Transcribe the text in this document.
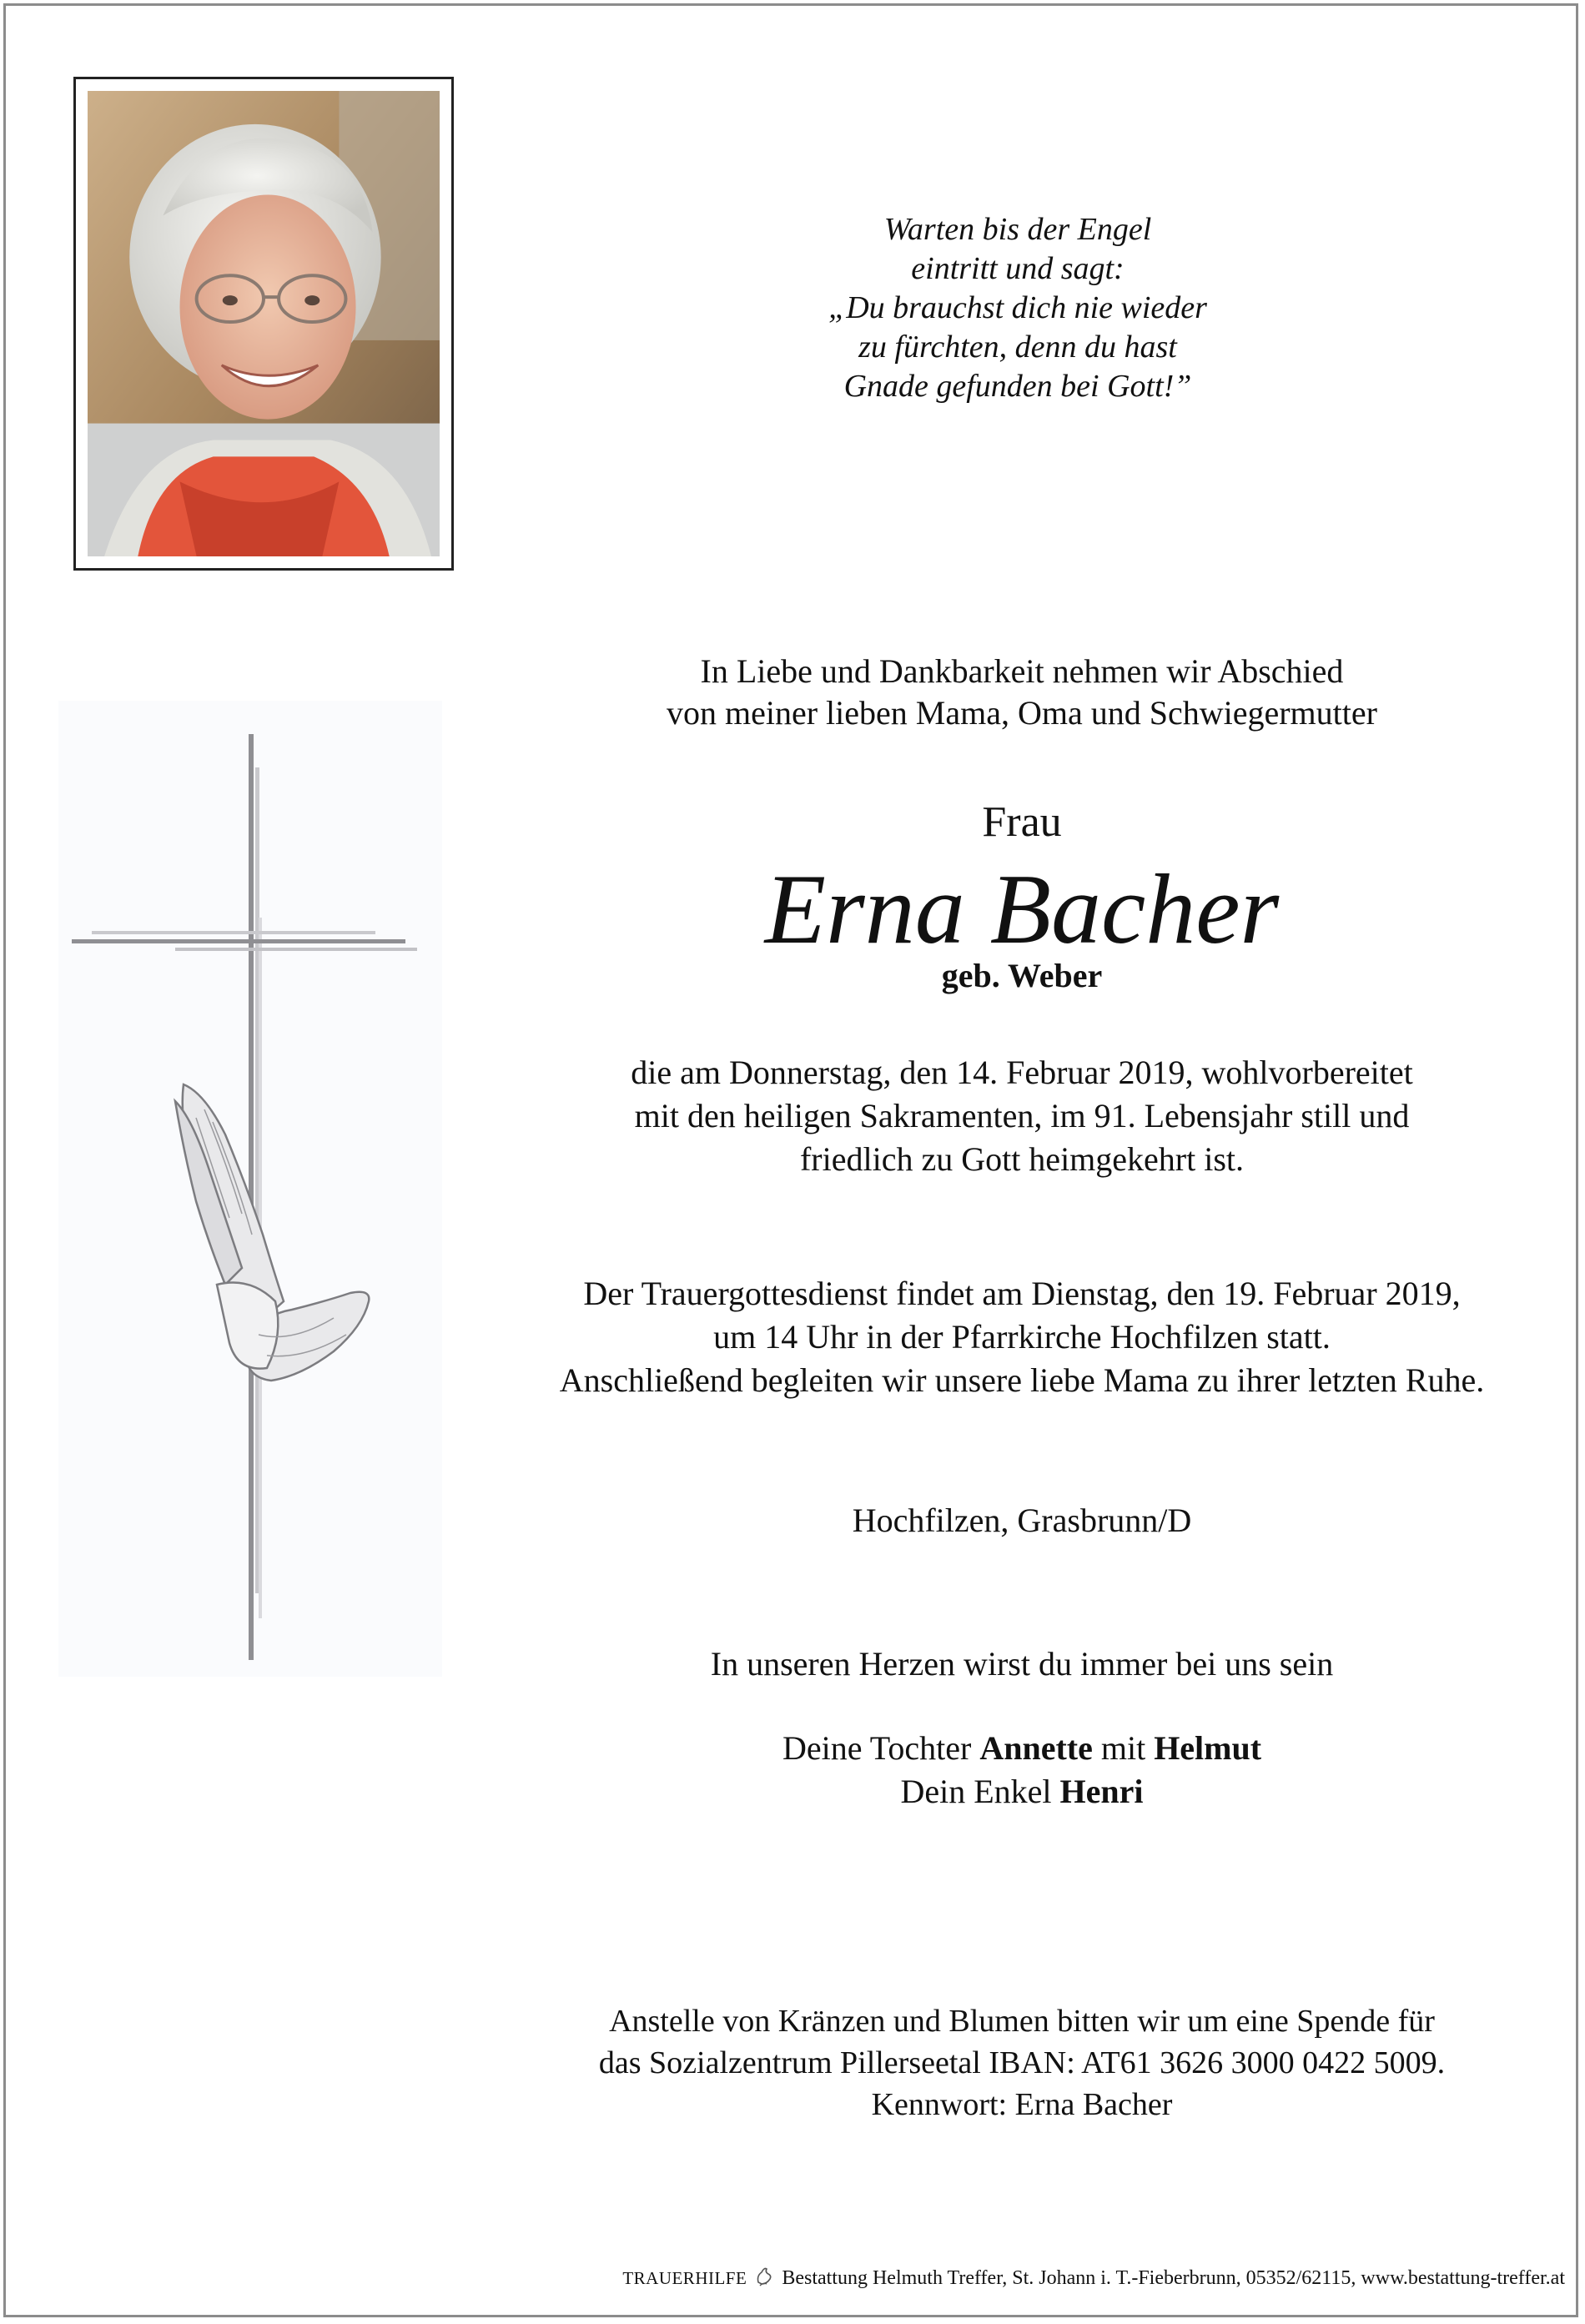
Warten bis der Engel
eintritt und sagt:
„Du brauchst dich nie wieder
zu fürchten, denn du hast
Gnade gefunden bei Gott!”
In Liebe und Dankbarkeit nehmen wir Abschied
von meiner lieben Mama, Oma und Schwiegermutter
Frau
Erna Bacher
geb. Weber
die am Donnerstag, den 14. Februar 2019, wohlvorbereitet
mit den heiligen Sakramenten, im 91. Lebensjahr still und
friedlich zu Gott heimgekehrt ist.
Der Trauergottesdienst findet am Dienstag, den 19. Februar 2019,
um 14 Uhr in der Pfarrkirche Hochfilzen statt.
Anschließend begleiten wir unsere liebe Mama zu ihrer letzten Ruhe.
Hochfilzen, Grasbrunn/D
In unseren Herzen wirst du immer bei uns sein
Deine Tochter Annette mit Helmut
Dein Enkel Henri
Anstelle von Kränzen und Blumen bitten wir um eine Spende für
das Sozialzentrum Pillerseetal IBAN: AT61 3626 3000 0422 5009.
Kennwort: Erna Bacher
TRAUERHILFE Bestattung Helmuth Treffer, St. Johann i. T.-Fieberbrunn, 05352/62115, www.bestattung-treffer.at
